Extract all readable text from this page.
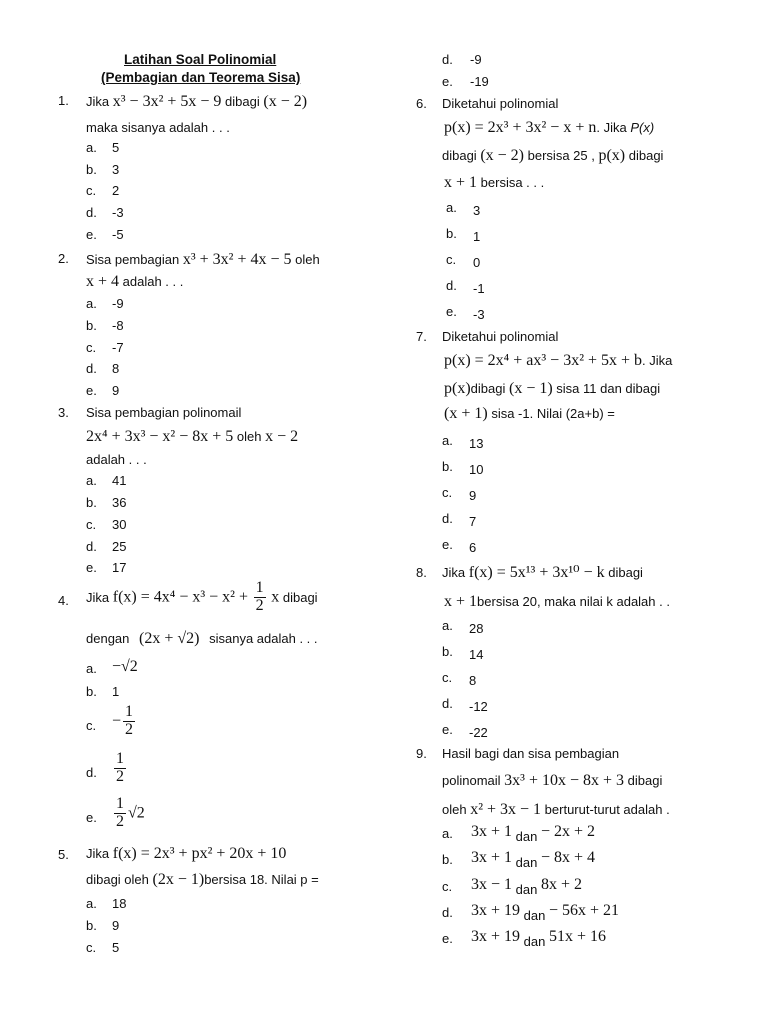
Latihan Soal Polinomial
(Pembagian dan Teorema Sisa)
1. Jika x³ − 3x² + 5x − 9 dibagi (x − 2)
maka sisanya adalah . . .
a. 5
b. 3
c. 2
d. -3
e. -5
2. Sisa pembagian x³ + 3x² + 4x − 5 oleh
x + 4 adalah . . .
a. -9
b. -8
c. -7
d. 8
e. 9
3. Sisa pembagian polinomail
2x⁴ + 3x³ − x² − 8x + 5 oleh x − 2
adalah . . .
a. 41
b. 36
c. 30
d. 25
e. 17
4. Jika $f(x) = 4x^4 - x^3 - x^2 + \frac{1}{2}$ x dibagi
dengan (2x + √2) sisanya adalah . . .
a. −√2
b. 1
c. − $\frac{1}{2}$
d. $\frac{1}{2}$
e. $\frac{1}{2} √2$
5. Jika f(x) = 2x³ + px² + 20x + 10
dibagi oleh (2x − 1)bersisa 18. Nilai p =
a. 18
b. 9
c. 5
d. -9
e. -19
6. Diketahui polinomial
p(x) = 2x³ + 3x² − x + n. Jika P(x)
dibagi (x − 2) bersisa 25 , p(x) dibagi
x + 1 bersisa . . .
a. 3
b. 1
c. 0
d. -1
e. -3
7. Diketahui polinomial
p(x) = 2x⁴ + ax³ − 3x² + 5x + b. Jika
p(x)dibagi (x − 1) sisa 11 dan dibagi
(x + 1) sisa -1. Nilai (2a+b) =
a. 13
b. 10
c. 9
d. 7
e. 6
8. Jika f(x) = 5x¹³ + 3x¹⁰ − k dibagi
x + 1bersisa 20, maka nilai k adalah . .
a. 28
b. 14
c. 8
d. -12
e. -22
9. Hasil bagi dan sisa pembagian
polinomail 3x³ + 10x − 8x + 3 dibagi
oleh x² + 3x − 1 berturut-turut adalah .
a. 3x + 1 dan − 2x + 2
b. 3x + 1 dan − 8x + 4
c. 3x − 1 dan 8x + 2
d. 3x + 19 dan − 56x + 21
e. 3x + 19 dan 51x + 16
